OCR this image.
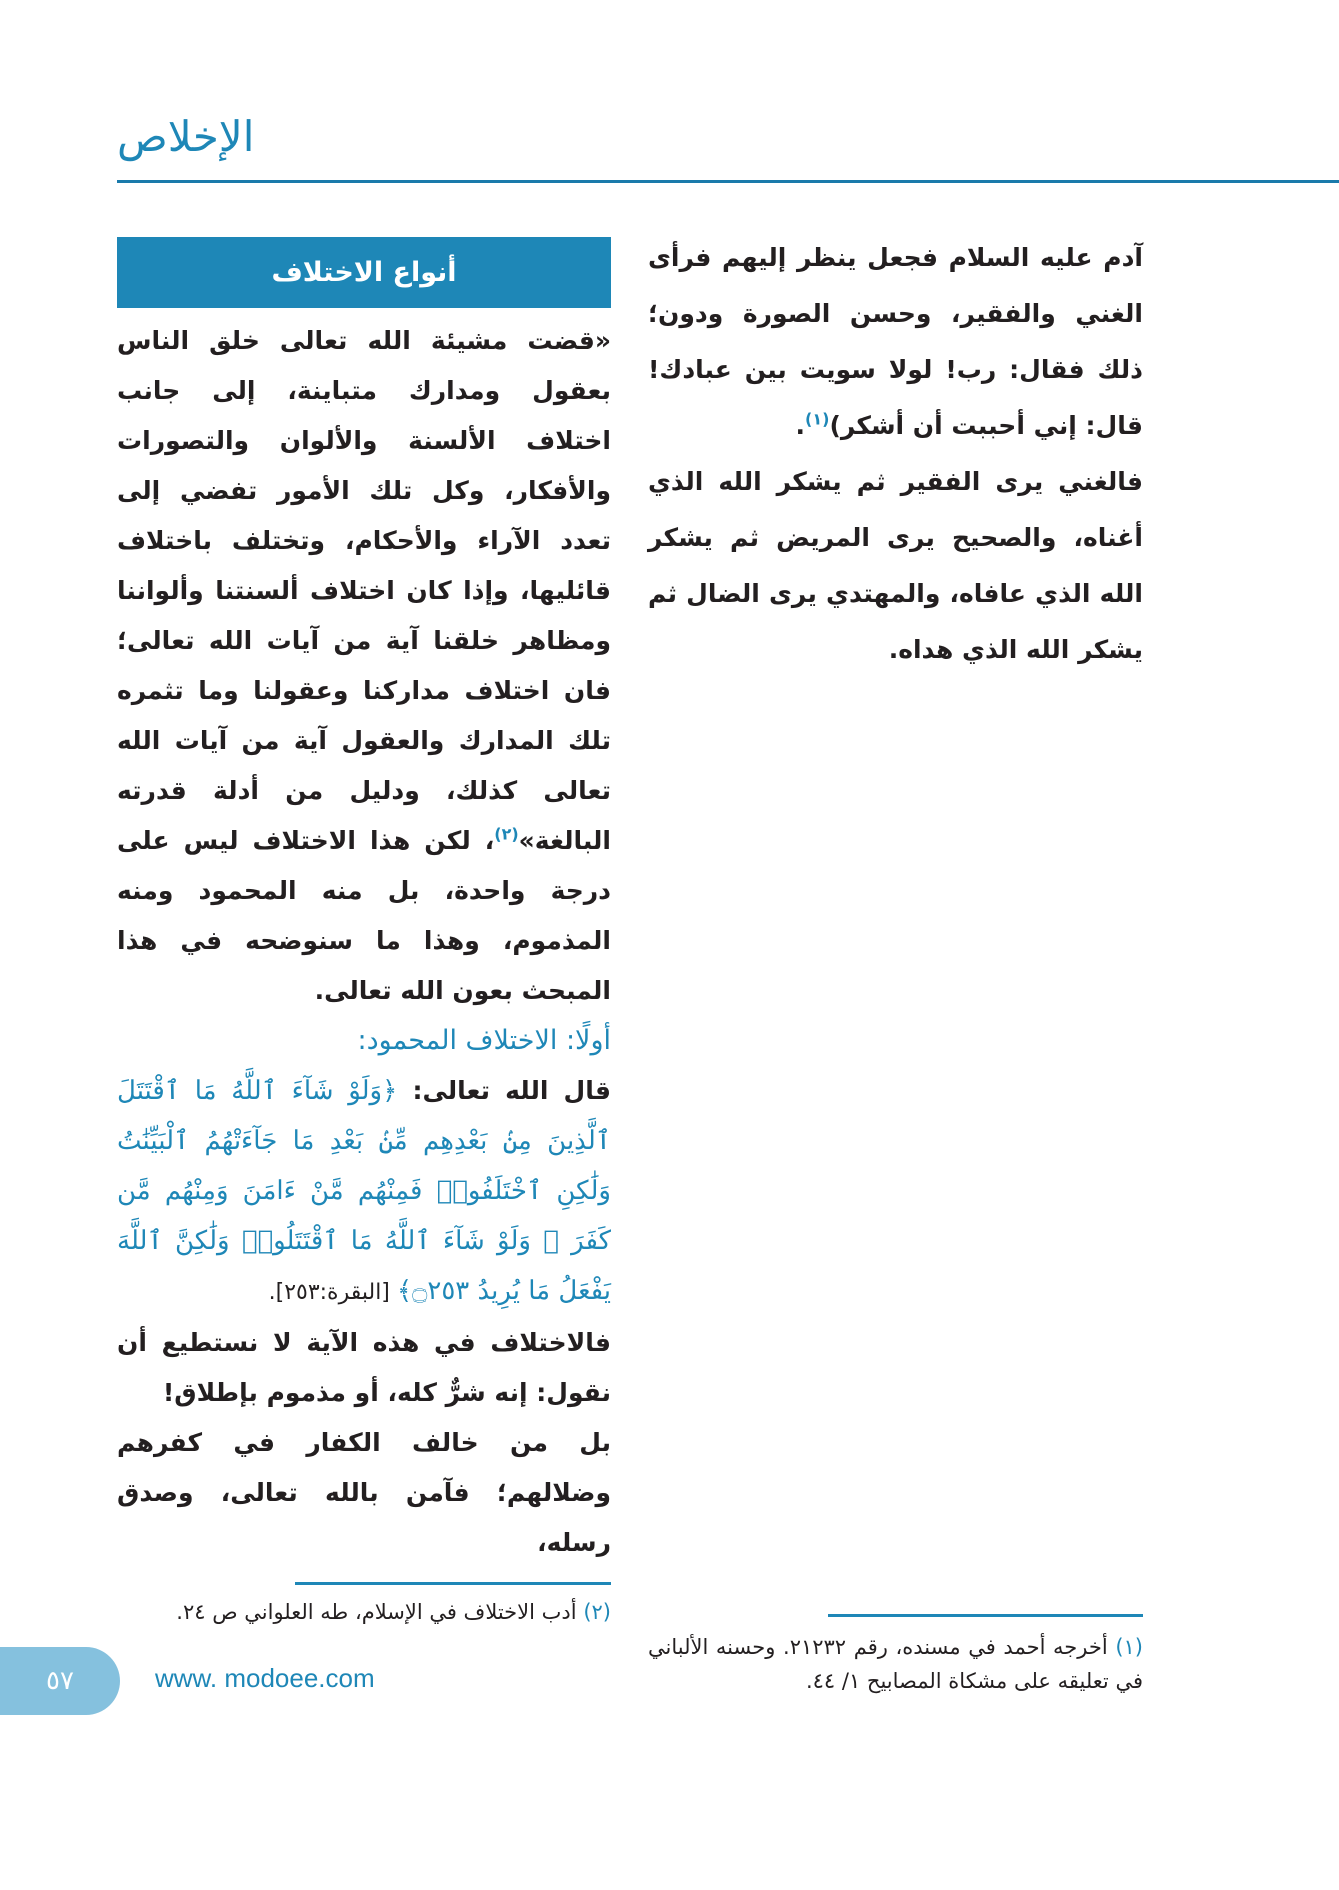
الإخلاص

آدم عليه السلام فجعل ينظر إليهم فرأى الغني والفقير، وحسن الصورة ودون؛ ذلك فقال: رب! لولا سويت بين عبادك! قال: إني أحببت أن أشكر)$^{(١)}$.

فالغني يرى الفقير ثم يشكر الله الذي أغناه، والصحيح يرى المريض ثم يشكر الله الذي عافاه، والمهتدي يرى الضال ثم يشكر الله الذي هداه.

(١) أخرجه أحمد في مسنده، رقم ٢١٢٣٢. وحسنه الألباني في تعليقه على مشكاة المصابيح ١/ ٤٤.
أنواع الاختلاف

«قضت مشيئة الله تعالى خلق الناس بعقول ومدارك متباينة، إلى جانب اختلاف الألسنة والألوان والتصورات والأفكار، وكل تلك الأمور تفضي إلى تعدد الآراء والأحكام، وتختلف باختلاف قائليها، وإذا كان اختلاف ألسنتنا وألواننا ومظاهر خلقنا آية من آيات الله تعالى؛ فان اختلاف مداركنا وعقولنا وما تثمره تلك المدارك والعقول آية من آيات الله تعالى كذلك، ودليل من أدلة قدرته البالغة»$^{(٢)}$، لكن هذا الاختلاف ليس على درجة واحدة، بل منه المحمود ومنه المذموم، وهذا ما سنوضحه في هذا المبحث بعون الله تعالى.

أولًا: الاختلاف المحمود:

قال الله تعالى: ﴿وَلَوْ شَآءَ ٱللَّهُ مَا ٱقْتَتَلَ ٱلَّذِينَ مِنۢ بَعْدِهِم مِّنۢ بَعْدِ مَا جَآءَتْهُمُ ٱلْبَيِّنَٰتُ وَلَٰكِنِ ٱخْتَلَفُوا۟ فَمِنْهُم مَّنْ ءَامَنَ وَمِنْهُم مَّن كَفَرَ ۚ وَلَوْ شَآءَ ٱللَّهُ مَا ٱقْتَتَلُوا۟ وَلَٰكِنَّ ٱللَّهَ يَفْعَلُ مَا يُرِيدُ ۝٢٥٣﴾ [البقرة:٢٥٣].

فالاختلاف في هذه الآية لا نستطيع أن نقول: إنه شرٌّ كله، أو مذموم بإطلاق!

بل من خالف الكفار في كفرهم وضلالهم؛ فآمن بالله تعالى، وصدق رسله،

(٢) أدب الاختلاف في الإسلام، طه العلواني ص ٢٤.
٥٧	www. modoee.com
